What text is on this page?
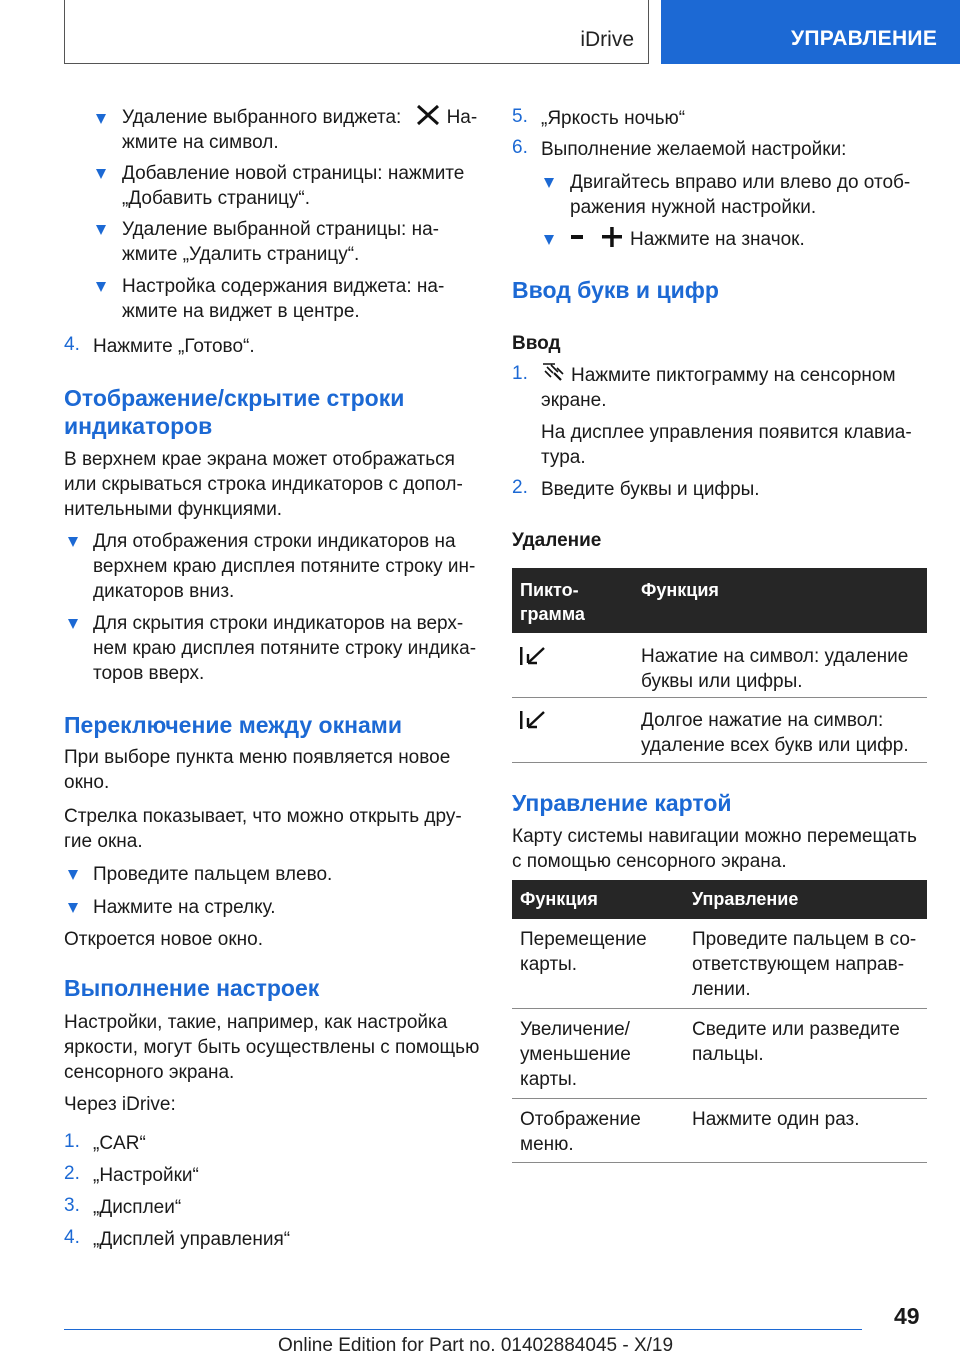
iDrive	УПРАВЛЕНИЕ
Удаление выбранного виджета: На-
жмите на символ.
Добавление новой страницы: нажмите
„Добавить страницу“.
Удаление выбранной страницы: на-
жмите „Удалить страницу“.
Настройка содержания виджета: на-
жмите на виджет в центре.
4. Нажмите „Готово“.
Отображение/скрытие строки
индикаторов
В верхнем крае экрана может отображаться
или скрываться строка индикаторов с допол-
нительными функциями.
Для отображения строки индикаторов на
верхнем краю дисплея потяните строку ин-
дикаторов вниз.
Для скрытия строки индикаторов на верх-
нем краю дисплея потяните строку индика-
торов вверх.
Переключение между окнами
При выборе пункта меню появляется новое
окно.
Стрелка показывает, что можно открыть дру-
гие окна.
Проведите пальцем влево.
Нажмите на стрелку.
Откроется новое окно.
Выполнение настроек
Настройки, такие, например, как настройка
яркости, могут быть осуществлены с помощью
сенсорного экрана.
Через iDrive:
1. „CAR“
2. „Настройки“
3. „Дисплеи“
4. „Дисплей управления“
5. „Яркость ночью“
6. Выполнение желаемой настройки:
Двигайтесь вправо или влево до отоб-
ражения нужной настройки.
Нажмите на значок.
Ввод букв и цифр
Ввод
1. Нажмите пиктограмму на сенсорном
экране.
На дисплее управления появится клавиа-
тура.
2. Введите буквы и цифры.
Удаление
Пикто-
грамма
Функция
Нажатие на символ: удаление
буквы или цифры.
Долгое нажатие на символ:
удаление всех букв или цифр.
Управление картой
Карту системы навигации можно перемещать
с помощью сенсорного экрана.
Функция	Управление
Перемещение
карты.
Проведите пальцем в со-
ответствующем направ-
лении.
Увеличение/
уменьшение
карты.
Сведите или разведите
пальцы.
Отображение
меню.
Нажмите один раз.
49
Online Edition for Part no. 01402884045 - X/19
